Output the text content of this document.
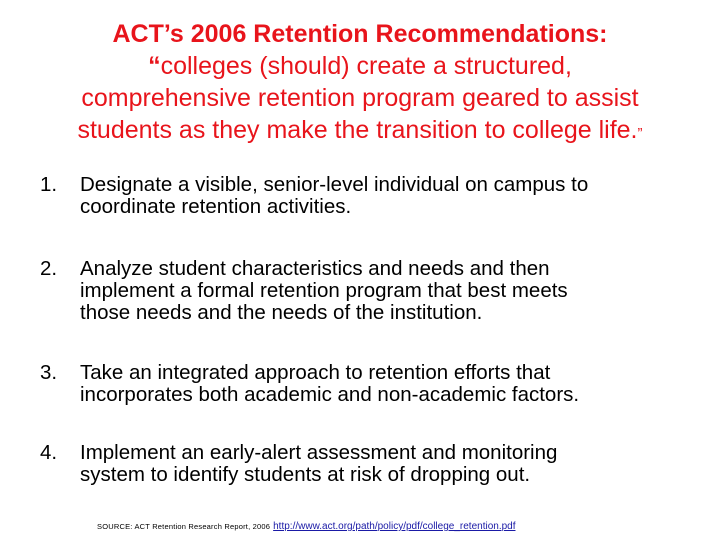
ACT’s 2006 Retention Recommendations:
“colleges (should) create a structured,
comprehensive retention program geared to assist
students as they make the transition to college life.”
1. Designate a visible, senior-level individual on campus to
coordinate retention activities.
2. Analyze student characteristics and needs and then
implement a formal retention program that best meets
those needs and the needs of the institution.
3. Take an integrated approach to retention efforts that
incorporates both academic and non-academic factors.
4. Implement an early-alert assessment and monitoring
system to identify students at risk of dropping out.
SOURCE: ACT Retention Research Report, 2006 http://www.act.org/path/policy/pdf/college_retention.pdf
